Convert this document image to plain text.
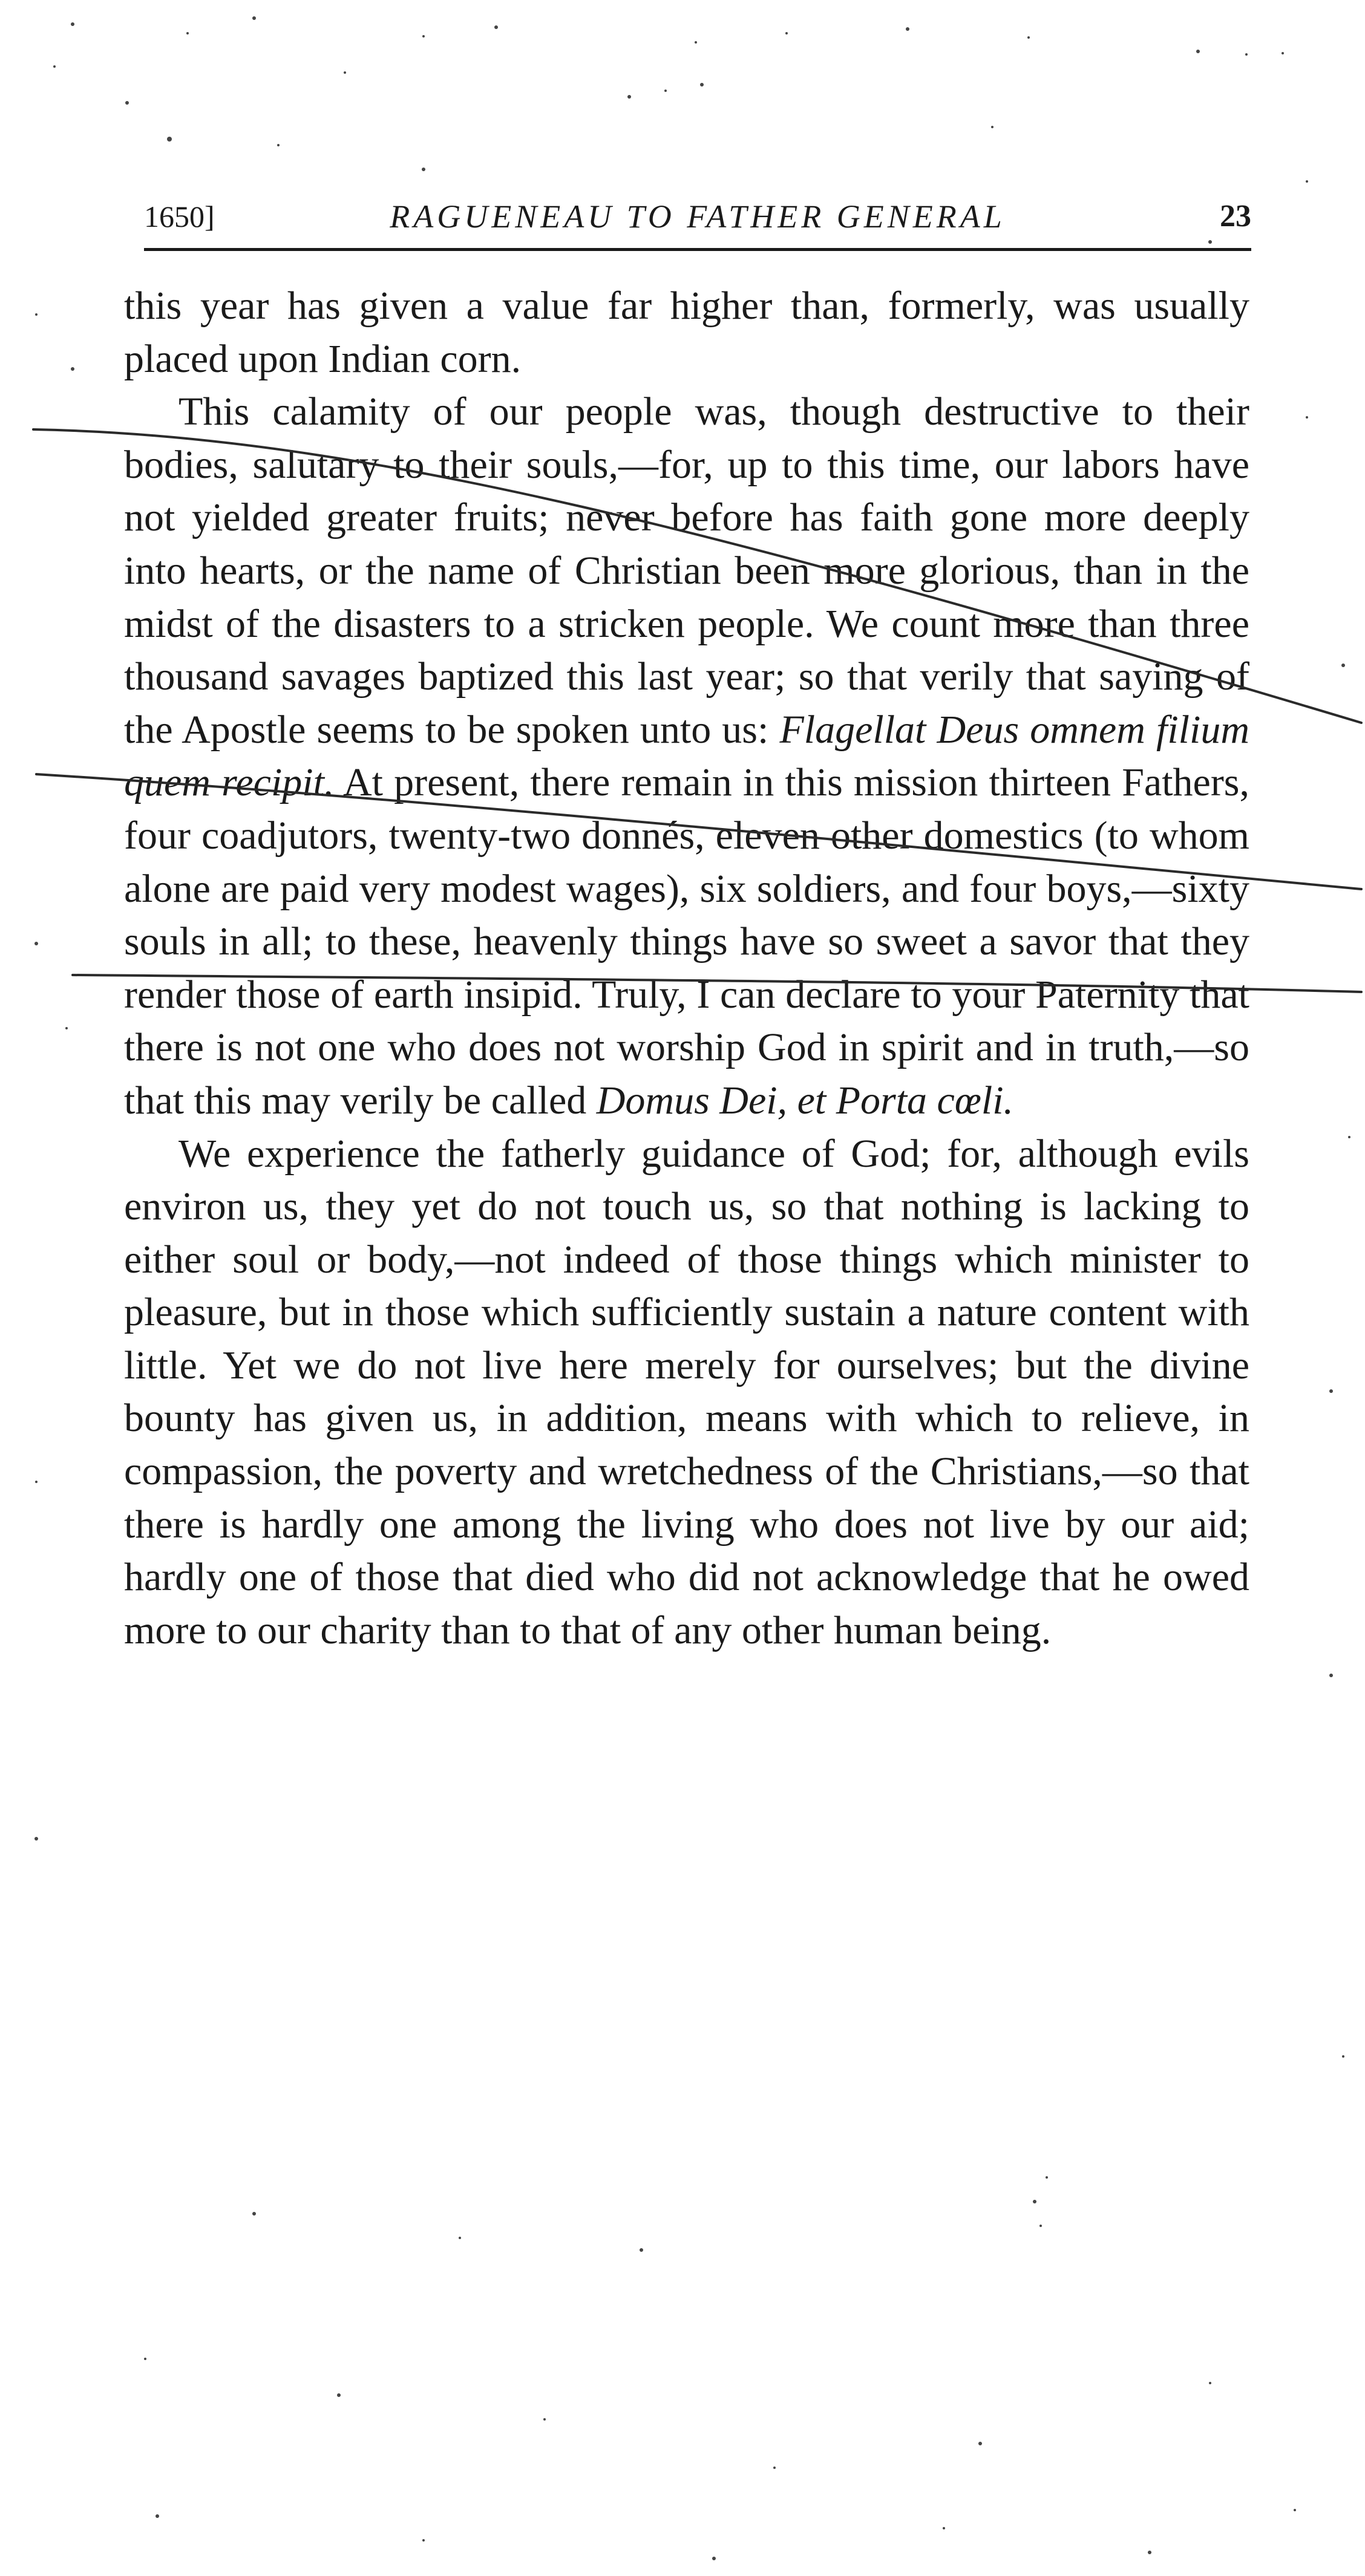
1650]	RAGUENEAU TO FATHER GENERAL	23

this year has given a value far higher than, formerly, was usually placed upon Indian corn.

This calamity of our people was, though destructive to their bodies, salutary to their souls,—for, up to this time, our labors have not yielded greater fruits; never before has faith gone more deeply into hearts, or the name of Christian been more glorious, than in the midst of the disasters to a stricken people. We count more than three thousand savages baptized this last year; so that verily that saying of the Apostle seems to be spoken unto us: Flagellat Deus omnem filium quem recipit. At present, there remain in this mission thirteen Fathers, four coadjutors, twenty-two donnés, eleven other domestics (to whom alone are paid very modest wages), six soldiers, and four boys,—sixty souls in all; to these, heavenly things have so sweet a savor that they render those of earth insipid. Truly, I can declare to your Paternity that there is not one who does not worship God in spirit and in truth,—so that this may verily be called Domus Dei, et Porta cœli.

We experience the fatherly guidance of God; for, although evils environ us, they yet do not touch us, so that nothing is lacking to either soul or body,—not indeed of those things which minister to pleasure, but in those which sufficiently sustain a nature content with little. Yet we do not live here merely for ourselves; but the divine bounty has given us, in addition, means with which to relieve, in compassion, the poverty and wretchedness of the Christians,—so that there is hardly one among the living who does not live by our aid; hardly one of those that died who did not acknowledge that he owed more to our charity than to that of any other human being.
